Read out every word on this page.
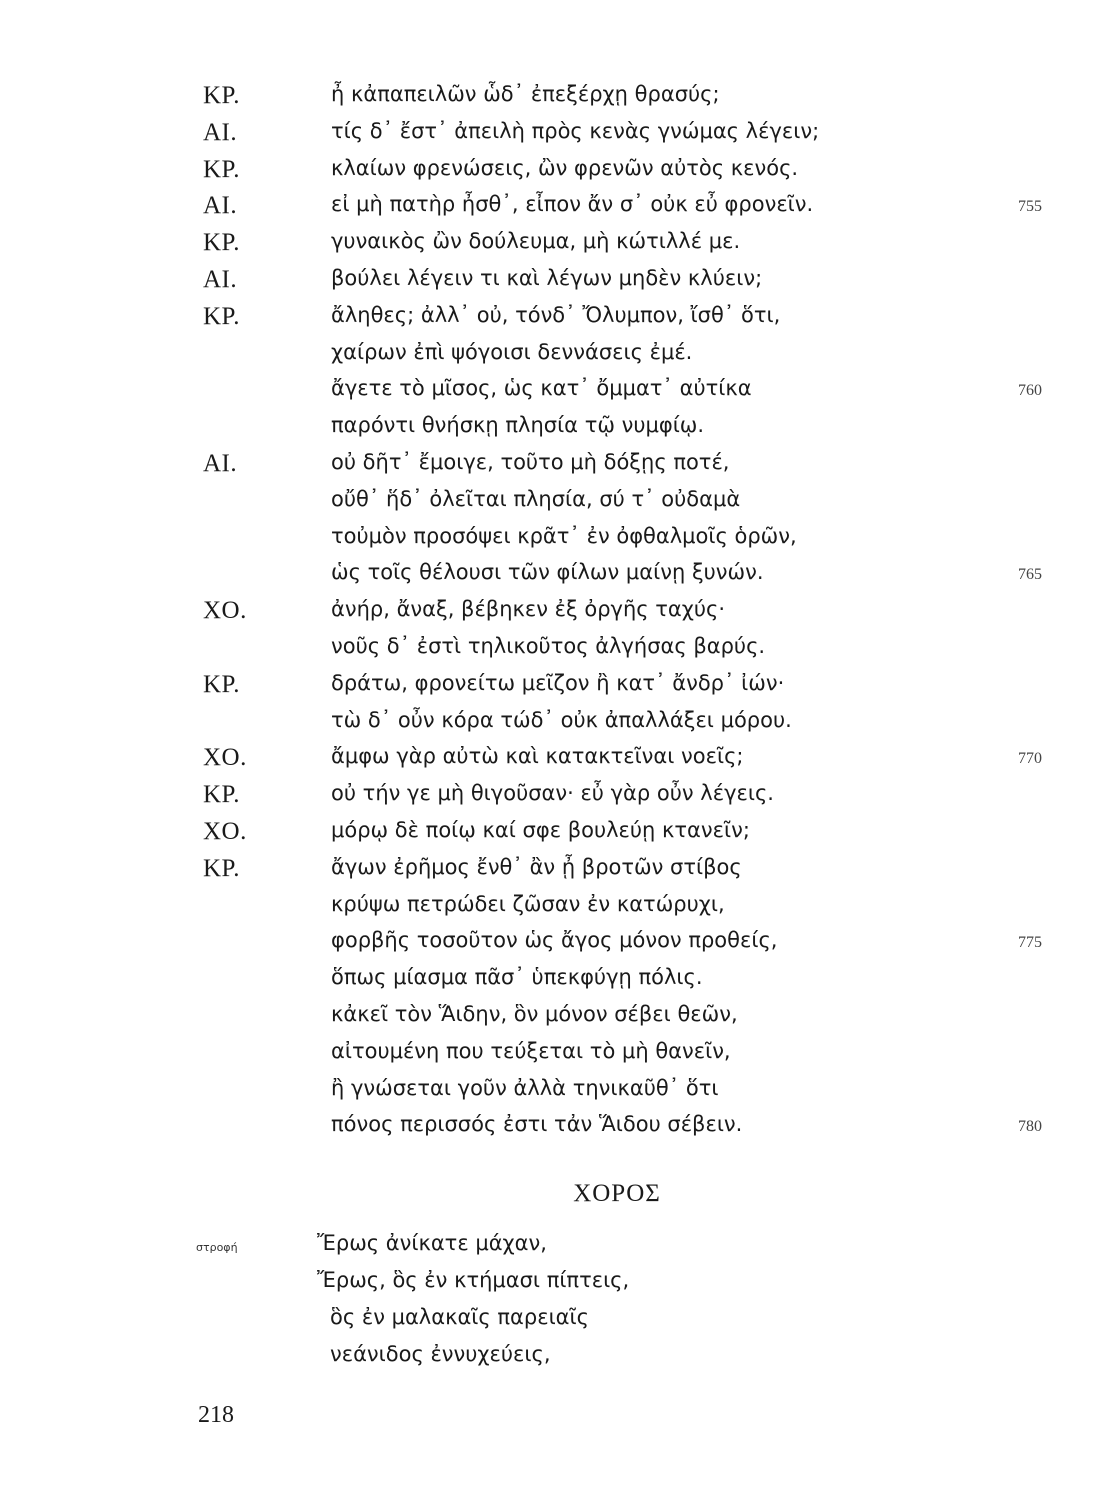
ΚΡ.	ἦ κἀπαπειλῶν ὧδ᾽ ἐπεξέρχῃ θρασύς;
ΑΙ.	τίς δ᾽ ἔστ᾽ ἀπειλὴ πρὸς κενὰς γνώμας λέγειν;
ΚΡ.	κλαίων φρενώσεις, ὢν φρενῶν αὐτὸς κενός.
ΑΙ.	εἰ μὴ πατὴρ ἦσθ᾽, εἶπον ἄν σ᾽ οὐκ εὖ φρονεῖν.	755
ΚΡ.	γυναικὸς ὢν δούλευμα, μὴ κώτιλλέ με.
ΑΙ.	βούλει λέγειν τι καὶ λέγων μηδὲν κλύειν;
ΚΡ.	ἄληθες; ἀλλ᾽ οὐ, τόνδ᾽ Ὄλυμπον, ἴσθ᾽ ὅτι,
χαίρων ἐπὶ ψόγοισι δεννάσεις ἐμέ.
ἄγετε τὸ μῖσος, ὡς κατ᾽ ὄμματ᾽ αὐτίκα	760
παρόντι θνήσκῃ πλησία τῷ νυμφίῳ.
ΑΙ.	οὐ δῆτ᾽ ἔμοιγε, τοῦτο μὴ δόξῃς ποτέ,
οὔθ᾽ ἥδ᾽ ὀλεῖται πλησία, σύ τ᾽ οὐδαμὰ
τοὐμὸν προσόψει κρᾶτ᾽ ἐν ὀφθαλμοῖς ὁρῶν,
ὡς τοῖς θέλουσι τῶν φίλων μαίνῃ ξυνών.	765
ΧΟ.	ἀνήρ, ἄναξ, βέβηκεν ἐξ ὀργῆς ταχύς·
νοῦς δ᾽ ἐστὶ τηλικοῦτος ἀλγήσας βαρύς.
ΚΡ.	δράτω, φρονείτω μεῖζον ἢ κατ᾽ ἄνδρ᾽ ἰών·
τὼ δ᾽ οὖν κόρα τώδ᾽ οὐκ ἀπαλλάξει μόρου.
ΧΟ.	ἄμφω γὰρ αὐτὼ καὶ κατακτεῖναι νοεῖς;	770
ΚΡ.	οὐ τήν γε μὴ θιγοῦσαν· εὖ γὰρ οὖν λέγεις.
ΧΟ.	μόρῳ δὲ ποίῳ καί σφε βουλεύῃ κτανεῖν;
ΚΡ.	ἄγων ἐρῆμος ἔνθ᾽ ἂν ᾖ βροτῶν στίβος
κρύψω πετρώδει ζῶσαν ἐν κατώρυχι,
φορβῆς τοσοῦτον ὡς ἄγος μόνον προθείς,	775
ὅπως μίασμα πᾶσ᾽ ὑπεκφύγῃ πόλις.
κἀκεῖ τὸν Ἅιδην, ὃν μόνον σέβει θεῶν,
αἰτουμένη που τεύξεται τὸ μὴ θανεῖν,
ἢ γνώσεται γοῦν ἀλλὰ τηνικαῦθ᾽ ὅτι
πόνος περισσός ἐστι τἀν Ἅιδου σέβειν.	780
ΧΟΡΟΣ
στροφή	Ἔρως ἀνίκατε μάχαν,
Ἔρως, ὃς ἐν κτήμασι πίπτεις,
ὃς ἐν μαλακαῖς παρειαῖς
νεάνιδος ἐννυχεύεις,
218
